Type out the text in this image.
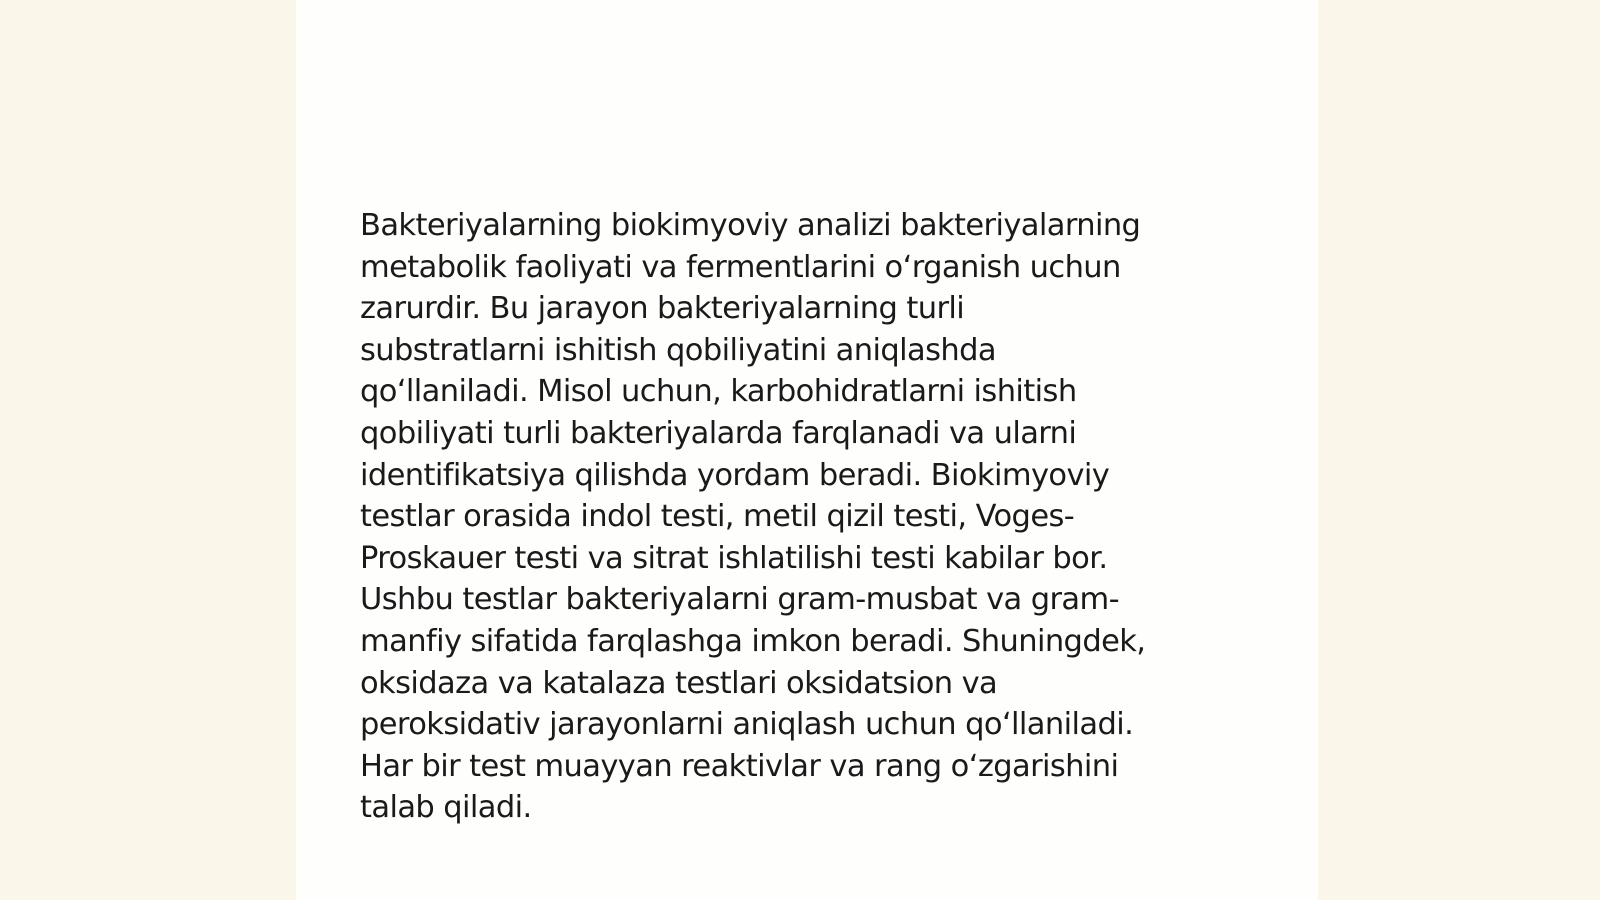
Bakteriyalarning biokimyoviy analizi bakteriyalarning
metabolik faoliyati va fermentlarini oʻrganish uchun
zarurdir. Bu jarayon bakteriyalarning turli
substratlarni ishitish qobiliyatini aniqlashda
qoʻllaniladi. Misol uchun, karbohidratlarni ishitish
qobiliyati turli bakteriyalarda farqlanadi va ularni
identifikatsiya qilishda yordam beradi. Biokimyoviy
testlar orasida indol testi, metil qizil testi, Voges-
Proskauer testi va sitrat ishlatilishi testi kabilar bor.
Ushbu testlar bakteriyalarni gram-musbat va gram-
manfiy sifatida farqlashga imkon beradi. Shuningdek,
oksidaza va katalaza testlari oksidatsion va
peroksidativ jarayonlarni aniqlash uchun qoʻllaniladi.
Har bir test muayyan reaktivlar va rang oʻzgarishini
talab qiladi.
